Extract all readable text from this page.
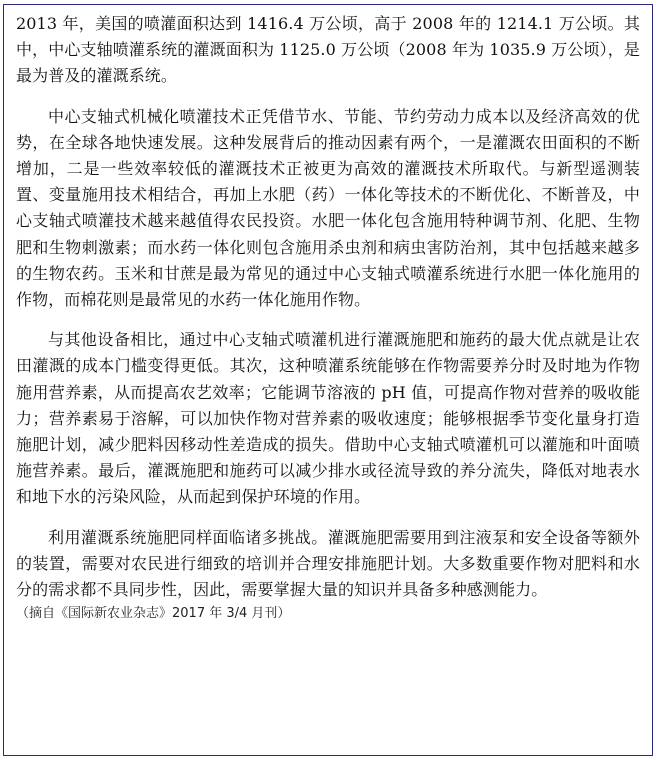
2013 年，美国的喷灌面积达到 1416.4 万公顷，高于 2008 年的 1214.1 万公顷。其中，中心支轴喷灌系统的灌溉面积为 1125.0 万公顷（2008 年为 1035.9 万公顷），是最为普及的灌溉系统。

中心支轴式机械化喷灌技术正凭借节水、节能、节约劳动力成本以及经济高效的优势，在全球各地快速发展。这种发展背后的推动因素有两个，一是灌溉农田面积的不断增加，二是一些效率较低的灌溉技术正被更为高效的灌溉技术所取代。与新型遥测装置、变量施用技术相结合，再加上水肥（药）一体化等技术的不断优化、不断普及，中心支轴式喷灌技术越来越值得农民投资。水肥一体化包含施用特种调节剂、化肥、生物肥和生物刺激素；而水药一体化则包含施用杀虫剂和病虫害防治剂，其中包括越来越多的生物农药。玉米和甘蔗是最为常见的通过中心支轴式喷灌系统进行水肥一体化施用的作物，而棉花则是最常见的水药一体化施用作物。

与其他设备相比，通过中心支轴式喷灌机进行灌溉施肥和施药的最大优点就是让农田灌溉的成本门槛变得更低。其次，这种喷灌系统能够在作物需要养分时及时地为作物施用营养素，从而提高农艺效率；它能调节溶液的 pH 值，可提高作物对营养的吸收能力；营养素易于溶解，可以加快作物对营养素的吸收速度；能够根据季节变化量身打造施肥计划，减少肥料因移动性差造成的损失。借助中心支轴式喷灌机可以灌施和叶面喷施营养素。最后，灌溉施肥和施药可以减少排水或径流导致的养分流失，降低对地表水和地下水的污染风险，从而起到保护环境的作用。

利用灌溉系统施肥同样面临诸多挑战。灌溉施肥需要用到注液泵和安全设备等额外的装置，需要对农民进行细致的培训并合理安排施肥计划。大多数重要作物对肥料和水分的需求都不具同步性，因此，需要掌握大量的知识并具备多种感测能力。

（摘自《国际新农业杂志》2017 年 3/4 月刊）
